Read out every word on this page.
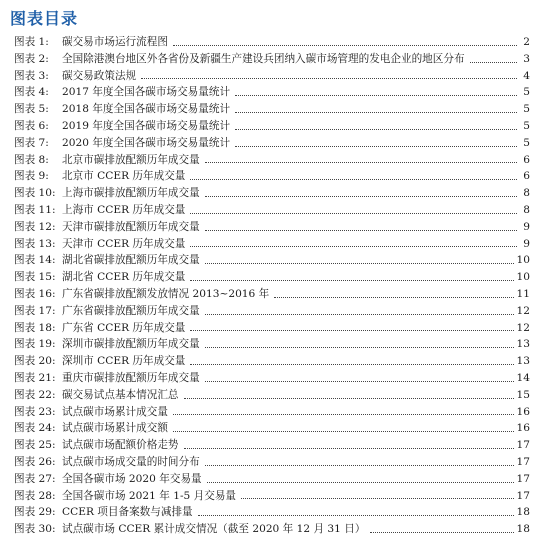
图表目录
图表 1:	碳交易市场运行流程图	2
图表 2:	全国除港澳台地区外各省份及新疆生产建设兵团纳入碳市场管理的发电企业的地区分布	3
图表 3:	碳交易政策法规	4
图表 4:	2017 年度全国各碳市场交易量统计	5
图表 5:	2018 年度全国各碳市场交易量统计	5
图表 6:	2019 年度全国各碳市场交易量统计	5
图表 7:	2020 年度全国各碳市场交易量统计	5
图表 8:	北京市碳排放配额历年成交量	6
图表 9:	北京市 CCER 历年成交量	6
图表 10: 上海市碳排放配额历年成交量	8
图表 11: 上海市 CCER 历年成交量	8
图表 12: 天津市碳排放配额历年成交量	9
图表 13: 天津市 CCER 历年成交量	9
图表 14: 湖北省碳排放配额历年成交量	10
图表 15: 湖北省 CCER 历年成交量	10
图表 16: 广东省碳排放配额发放情况 2013~2016 年	11
图表 17: 广东省碳排放配额历年成交量	12
图表 18: 广东省 CCER 历年成交量	12
图表 19: 深圳市碳排放配额历年成交量	13
图表 20: 深圳市 CCER 历年成交量	13
图表 21: 重庆市碳排放配额历年成交量	14
图表 22: 碳交易试点基本情况汇总	15
图表 23: 试点碳市场累计成交量	16
图表 24: 试点碳市场累计成交额	16
图表 25: 试点碳市场配额价格走势	17
图表 26: 试点碳市场成交量的时间分布	17
图表 27: 全国各碳市场 2020 年交易量	17
图表 28: 全国各碳市场 2021 年 1-5 月交易量	17
图表 29: CCER 项目备案数与减排量	18
图表 30: 试点碳市场 CCER 累计成交情况（截至 2020 年 12 月 31 日）	18
